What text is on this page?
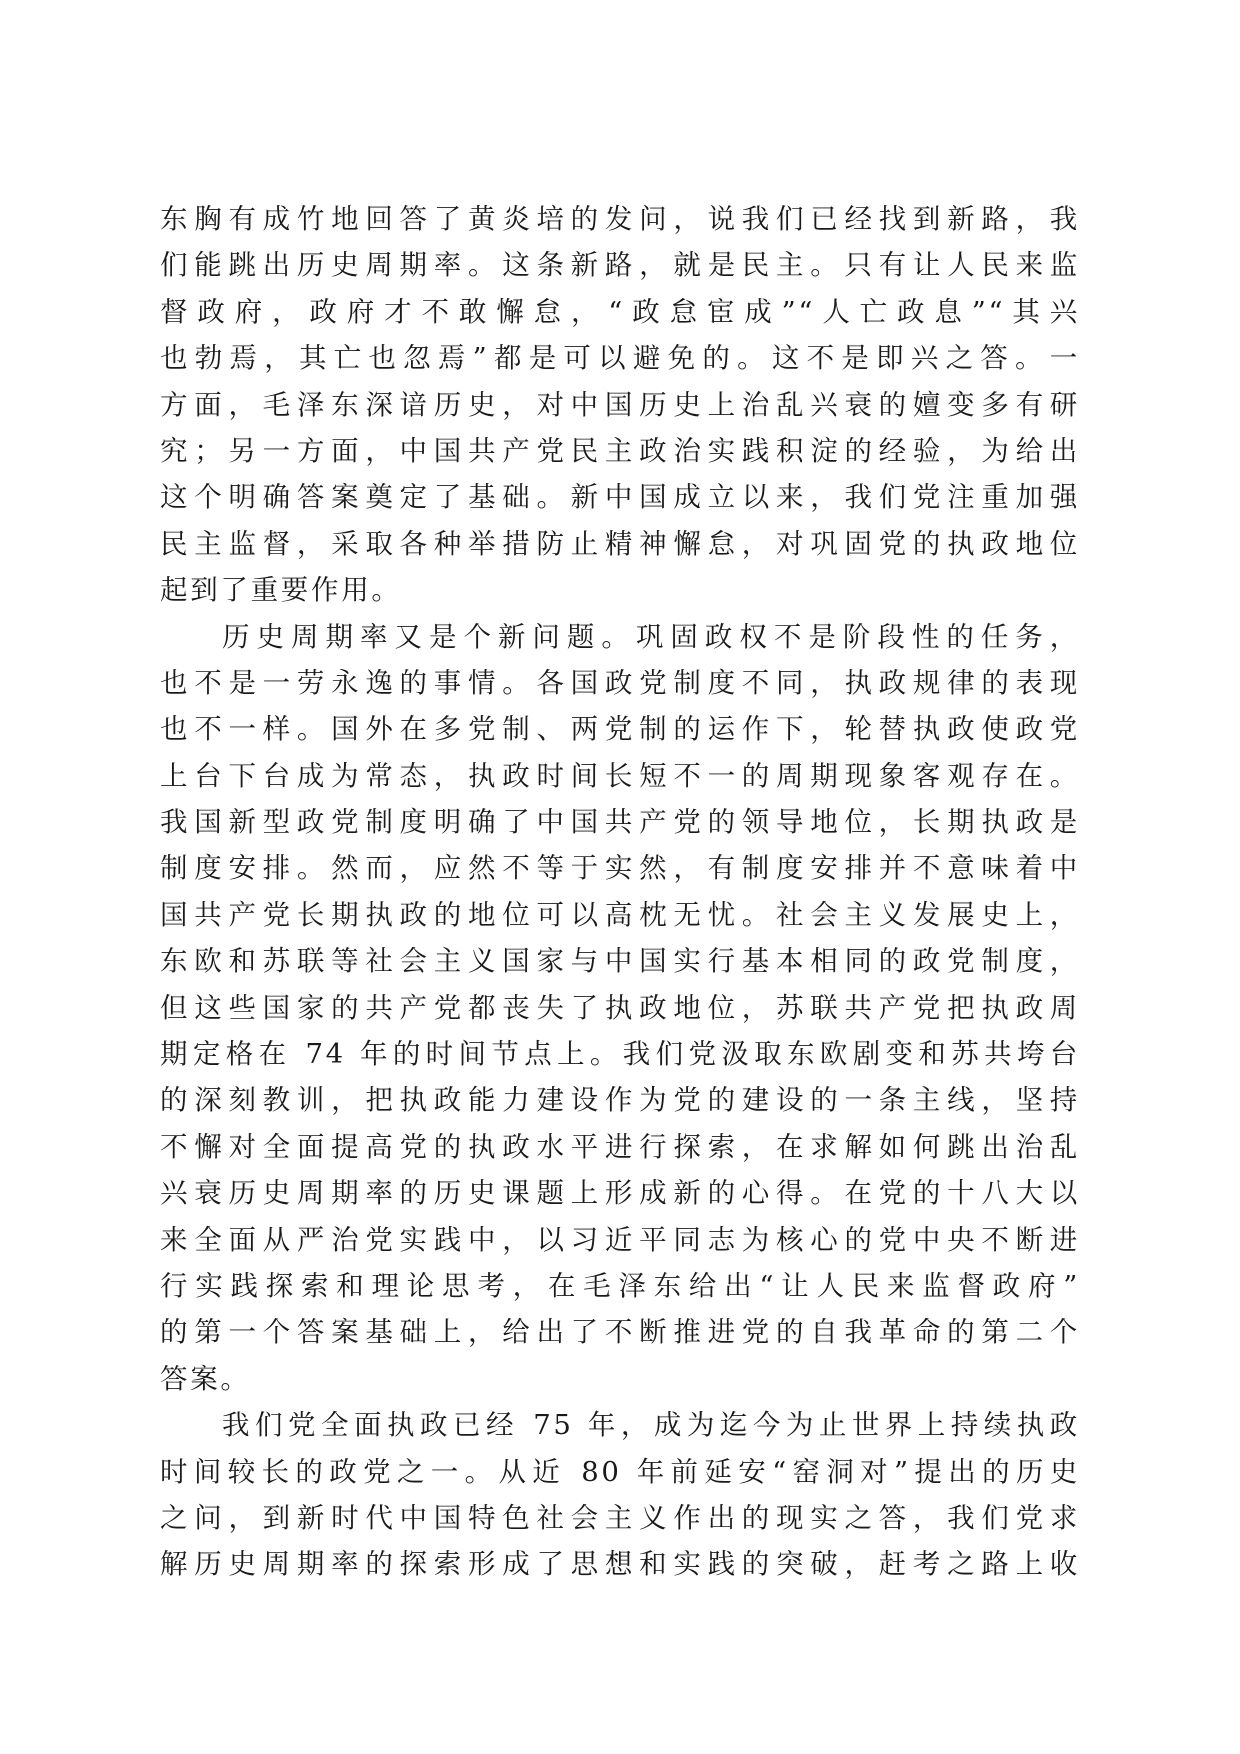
东胸有成竹地回答了黄炎培的发问，说我们已经找到新路，我
们能跳出历史周期率。这条新路，就是民主。只有让人民来监
督政府，政府才不敢懈怠，“政怠宦成”“人亡政息”“其兴
也勃焉，其亡也忽焉”都是可以避免的。这不是即兴之答。一
方面，毛泽东深谙历史，对中国历史上治乱兴衰的嬗变多有研
究；另一方面，中国共产党民主政治实践积淀的经验，为给出
这个明确答案奠定了基础。新中国成立以来，我们党注重加强
民主监督，采取各种举措防止精神懈怠，对巩固党的执政地位
起到了重要作用。
历史周期率又是个新问题。巩固政权不是阶段性的任务，
也不是一劳永逸的事情。各国政党制度不同，执政规律的表现
也不一样。国外在多党制、两党制的运作下，轮替执政使政党
上台下台成为常态，执政时间长短不一的周期现象客观存在。
我国新型政党制度明确了中国共产党的领导地位，长期执政是
制度安排。然而，应然不等于实然，有制度安排并不意味着中
国共产党长期执政的地位可以高枕无忧。社会主义发展史上，
东欧和苏联等社会主义国家与中国实行基本相同的政党制度，
但这些国家的共产党都丧失了执政地位，苏联共产党把执政周
期定格在 74 年的时间节点上。我们党汲取东欧剧变和苏共垮台
的深刻教训，把执政能力建设作为党的建设的一条主线，坚持
不懈对全面提高党的执政水平进行探索，在求解如何跳出治乱
兴衰历史周期率的历史课题上形成新的心得。在党的十八大以
来全面从严治党实践中，以习近平同志为核心的党中央不断进
行实践探索和理论思考，在毛泽东给出“让人民来监督政府”
的第一个答案基础上，给出了不断推进党的自我革命的第二个
答案。
我们党全面执政已经 75 年，成为迄今为止世界上持续执政
时间较长的政党之一。从近 80 年前延安“窑洞对”提出的历史
之问，到新时代中国特色社会主义作出的现实之答，我们党求
解历史周期率的探索形成了思想和实践的突破，赶考之路上收
